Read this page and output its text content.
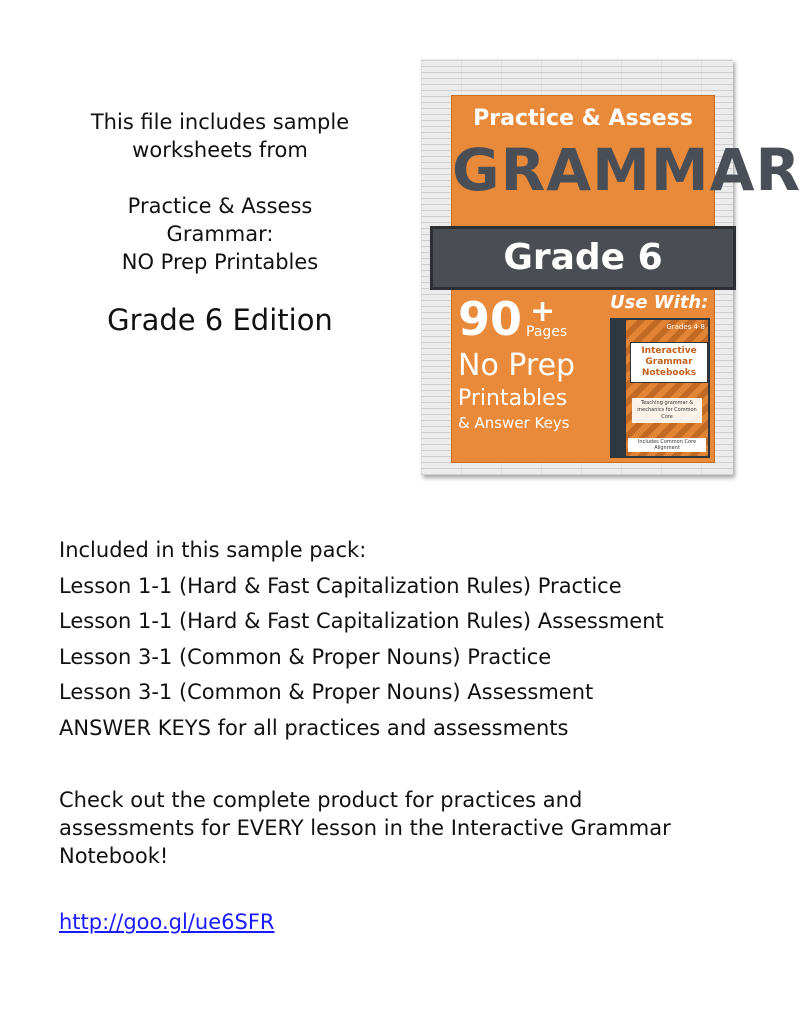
This file includes sample

worksheets from

Practice & Assess

Grammar:

NO Prep Printables

Grade 6 Edition
Practice & Assess
GRAMMAR
Grade 6
90 +
Pages
No Prep
Printables
& Answer Keys
Use With:
Grades 4-8
Interactive Grammar Notebooks
Teaching grammar & mechanics for Common Core
Includes Common Core Alignment
Included in this sample pack:
Lesson 1-1 (Hard & Fast Capitalization Rules) Practice
Lesson 1-1 (Hard & Fast Capitalization Rules) Assessment
Lesson 3-1 (Common & Proper Nouns) Practice
Lesson 3-1 (Common & Proper Nouns) Assessment
ANSWER KEYS for all practices and assessments
Check out the complete product for practices and assessments for EVERY lesson in the Interactive Grammar Notebook!
http://goo.gl/ue6SFR
